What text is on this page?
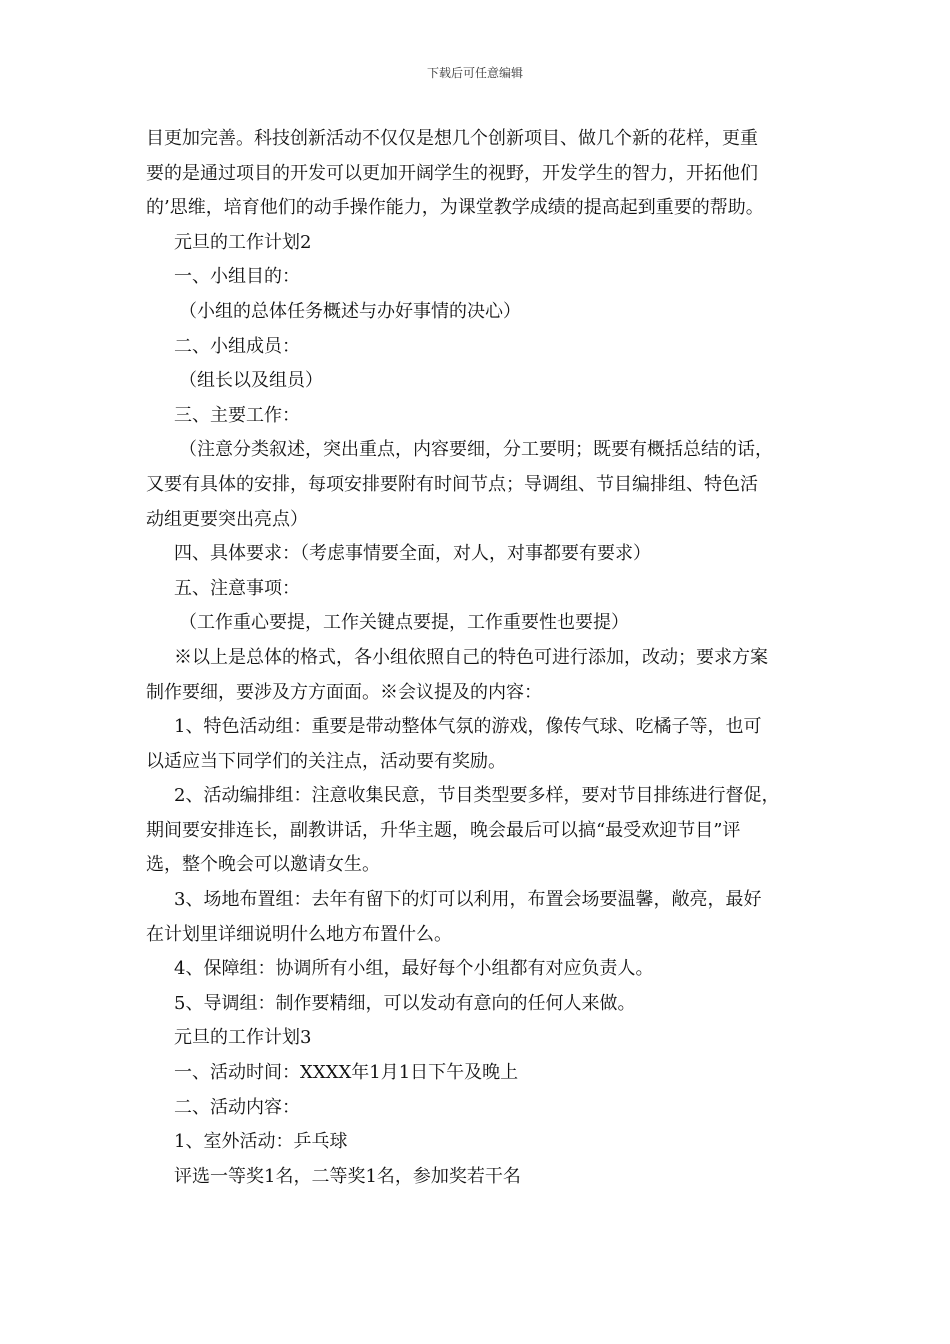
下载后可任意编辑
目更加完善。科技创新活动不仅仅是想几个创新项目、做几个新的花样，更重
要的是通过项目的开发可以更加开阔学生的视野，开发学生的智力，开拓他们
的’思维，培育他们的动手操作能力，为课堂教学成绩的提高起到重要的帮助。
元旦的工作计划2
一、小组目的：
（小组的总体任务概述与办好事情的决心）
二、小组成员：
（组长以及组员）
三、主要工作：
（注意分类叙述，突出重点，内容要细，分工要明；既要有概括总结的话，
又要有具体的安排，每项安排要附有时间节点；导调组、节目编排组、特色活
动组更要突出亮点）
四、具体要求：（考虑事情要全面，对人，对事都要有要求）
五、注意事项：
（工作重心要提，工作关键点要提，工作重要性也要提）
※以上是总体的格式，各小组依照自己的特色可进行添加，改动；要求方案
制作要细，要涉及方方面面。※会议提及的内容：
1、特色活动组：重要是带动整体气氛的游戏，像传气球、吃橘子等，也可
以适应当下同学们的关注点，活动要有奖励。
2、活动编排组：注意收集民意，节目类型要多样，要对节目排练进行督促，
期间要安排连长，副教讲话，升华主题，晚会最后可以搞“最受欢迎节目”评
选，整个晚会可以邀请女生。
3、场地布置组：去年有留下的灯可以利用，布置会场要温馨，敞亮，最好
在计划里详细说明什么地方布置什么。
4、保障组：协调所有小组，最好每个小组都有对应负责人。
5、导调组：制作要精细，可以发动有意向的任何人来做。
元旦的工作计划3
一、活动时间：XXXX年1月1日下午及晚上
二、活动内容：
1、室外活动：乒乓球
评选一等奖1名，二等奖1名，参加奖若干名
